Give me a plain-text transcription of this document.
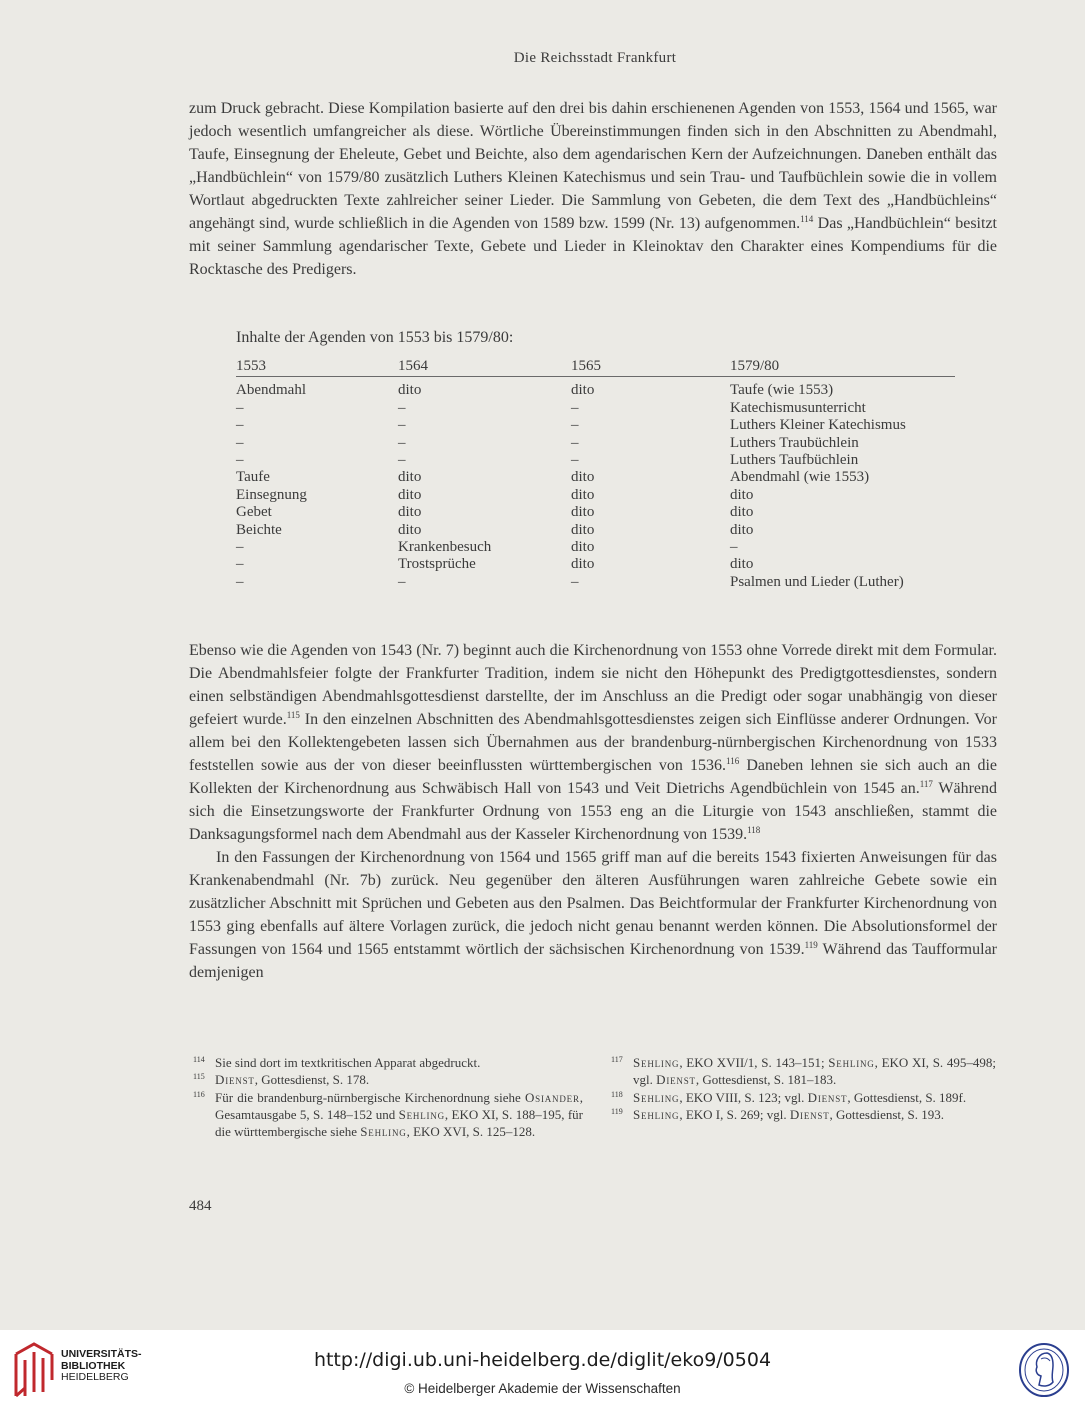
Die Reichsstadt Frankfurt

zum Druck gebracht. Diese Kompilation basierte auf den drei bis dahin erschienenen Agenden von 1553, 1564 und 1565, war jedoch wesentlich umfangreicher als diese. Wörtliche Übereinstimmungen finden sich in den Abschnitten zu Abendmahl, Taufe, Einsegnung der Eheleute, Gebet und Beichte, also dem agendarischen Kern der Aufzeichnungen. Daneben enthält das „Handbüchlein“ von 1579/80 zusätzlich Luthers Kleinen Katechismus und sein Trau- und Taufbüchlein sowie die in vollem Wortlaut abgedruckten Texte zahlreicher seiner Lieder. Die Sammlung von Gebeten, die dem Text des „Handbüchleins“ angehängt sind, wurde schließlich in die Agenden von 1589 bzw. 1599 (Nr. 13) aufgenommen.$^{114}$ Das „Handbüchlein“ besitzt mit seiner Sammlung agendarischer Texte, Gebete und Lieder in Kleinoktav den Charakter eines Kompendiums für die Rocktasche des Predigers.

Inhalte der Agenden von 1553 bis 1579/80:
1553	1564	1565	1579/80
Abendmahl	dito	dito	Taufe (wie 1553)
–	–	–	Katechismusunterricht
–	–	–	Luthers Kleiner Katechismus
–	–	–	Luthers Traubüchlein
–	–	–	Luthers Taufbüchlein
Taufe	dito	dito	Abendmahl (wie 1553)
Einsegnung	dito	dito	dito
Gebet	dito	dito	dito
Beichte	dito	dito	dito
–	Krankenbesuch	dito	–
–	Trostsprüche	dito	dito
–	–	–	Psalmen und Lieder (Luther)

Ebenso wie die Agenden von 1543 (Nr. 7) beginnt auch die Kirchenordnung von 1553 ohne Vorrede direkt mit dem Formular. Die Abendmahlsfeier folgte der Frankfurter Tradition, indem sie nicht den Höhepunkt des Predigtgottesdienstes, sondern einen selbständigen Abendmahlsgottesdienst darstellte, der im Anschluss an die Predigt oder sogar unabhängig von dieser gefeiert wurde.$^{115}$ In den einzelnen Abschnitten des Abendmahlsgottesdienstes zeigen sich Einflüsse anderer Ordnungen. Vor allem bei den Kollektengebeten lassen sich Übernahmen aus der brandenburg-nürnbergischen Kirchenordnung von 1533 feststellen sowie aus der von dieser beeinflussten württembergischen von 1536.$^{116}$ Daneben lehnen sie sich auch an die Kollekten der Kirchenordnung aus Schwäbisch Hall von 1543 und Veit Dietrichs Agendbüchlein von 1545 an.$^{117}$ Während sich die Einsetzungsworte der Frankfurter Ordnung von 1553 eng an die Liturgie von 1543 anschließen, stammt die Danksagungsformel nach dem Abendmahl aus der Kasseler Kirchenordnung von 1539.$^{118}$

In den Fassungen der Kirchenordnung von 1564 und 1565 griff man auf die bereits 1543 fixierten Anweisungen für das Krankenabendmahl (Nr. 7b) zurück. Neu gegenüber den älteren Ausführungen waren zahlreiche Gebete sowie ein zusätzlicher Abschnitt mit Sprüchen und Gebeten aus den Psalmen. Das Beichtformular der Frankfurter Kirchenordnung von 1553 ging ebenfalls auf ältere Vorlagen zurück, die jedoch nicht genau benannt werden können. Die Absolutionsformel der Fassungen von 1564 und 1565 entstammt wörtlich der sächsischen Kirchenordnung von 1539.$^{119}$ Während das Taufformular demjenigen

114 Sie sind dort im textkritischen Apparat abgedruckt.
115 Dienst, Gottesdienst, S. 178.
116 Für die brandenburg-nürnbergische Kirchenordnung siehe Osiander, Gesamtausgabe 5, S. 148–152 und Sehling, EKO XI, S. 188–195, für die württembergische siehe Sehling, EKO XVI, S. 125–128.
117 Sehling, EKO XVII/1, S. 143–151; Sehling, EKO XI, S. 495–498; vgl. Dienst, Gottesdienst, S. 181–183.
118 Sehling, EKO VIII, S. 123; vgl. Dienst, Gottesdienst, S. 189f.
119 Sehling, EKO I, S. 269; vgl. Dienst, Gottesdienst, S. 193.
484
UNIVERSITÄTS-
BIBLIOTHEK
HEIDELBERG
http://digi.ub.uni-heidelberg.de/diglit/eko9/0504
© Heidelberger Akademie der Wissenschaften
